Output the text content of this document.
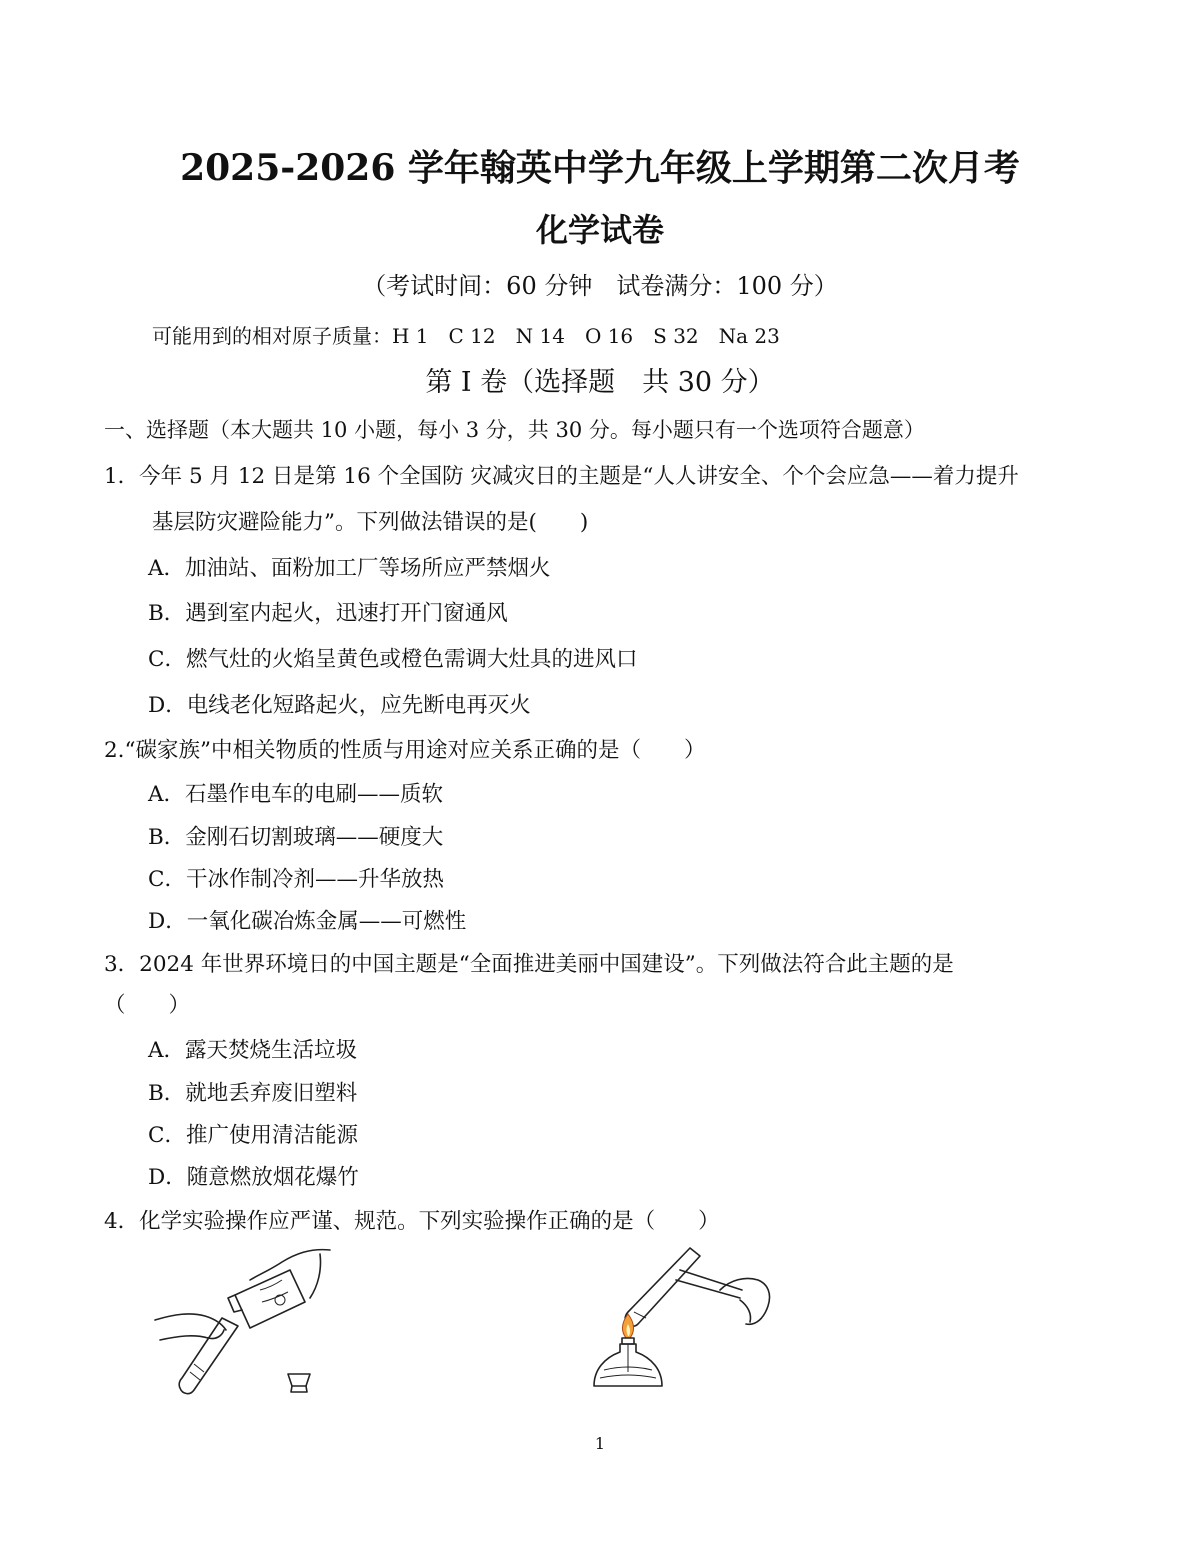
2025-2026 学年翰英中学九年级上学期第二次月考
化学试卷
（考试时间：60 分钟　试卷满分：100 分）
可能用到的相对原子质量：H 1　C 12　N 14　O 16　S 32　Na 23
第 I 卷（选择题　共 30 分）
一、选择题（本大题共 10 小题，每小 3 分，共 30 分。每小题只有一个选项符合题意）
1．今年 5 月 12 日是第 16 个全国防 灾减灾日的主题是“人人讲安全、个个会应急——着力提升
基层防灾避险能力”。下列做法错误的是(　　)
A．加油站、面粉加工厂等场所应严禁烟火
B．遇到室内起火，迅速打开门窗通风
C．燃气灶的火焰呈黄色或橙色需调大灶具的进风口
D．电线老化短路起火，应先断电再灭火
2.“碳家族”中相关物质的性质与用途对应关系正确的是（　　）
A．石墨作电车的电刷——质软
B．金刚石切割玻璃——硬度大
C．干冰作制冷剂——升华放热
D．一氧化碳冶炼金属——可燃性
3．2024 年世界环境日的中国主题是“全面推进美丽中国建设”。下列做法符合此主题的是
（　　）
A．露天焚烧生活垃圾
B．就地丢弃废旧塑料
C．推广使用清洁能源
D．随意燃放烟花爆竹
4．化学实验操作应严谨、规范。下列实验操作正确的是（　　）
1
